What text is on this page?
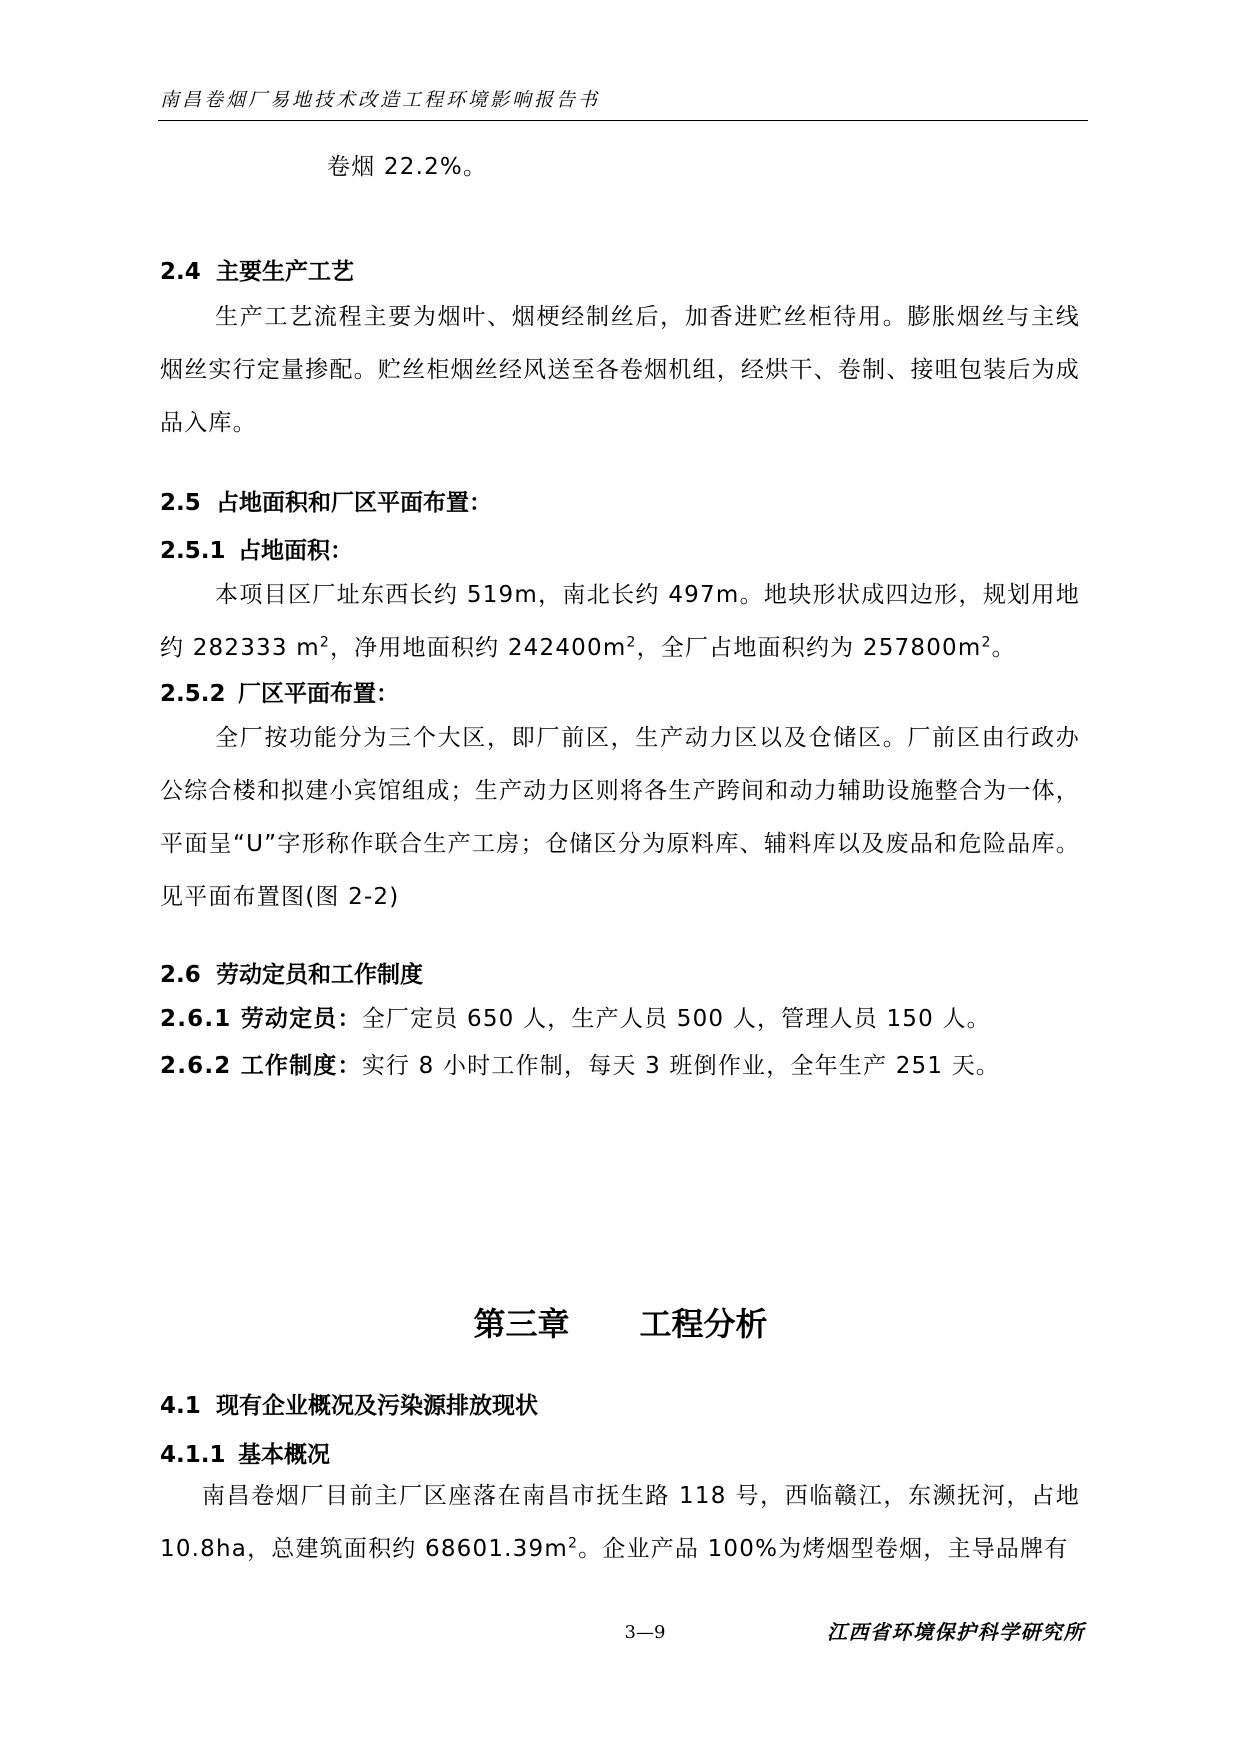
南昌卷烟厂易地技术改造工程环境影响报告书
卷烟 22.2%。
2.4 主要生产工艺
生产工艺流程主要为烟叶、烟梗经制丝后，加香进贮丝柜待用。膨胀烟丝与主线烟丝实行定量掺配。贮丝柜烟丝经风送至各卷烟机组，经烘干、卷制、接咀包装后为成品入库。
2.5 占地面积和厂区平面布置：
2.5.1 占地面积：
本项目区厂址东西长约 519m，南北长约 497m。地块形状成四边形，规划用地约 282333 $m^2$，净用地面积约 $242400m^2$，全厂占地面积约为 $257800m^2$。
2.5.2 厂区平面布置：
全厂按功能分为三个大区，即厂前区，生产动力区以及仓储区。厂前区由行政办公综合楼和拟建小宾馆组成；生产动力区则将各生产跨间和动力辅助设施整合为一体，平面呈“U”字形称作联合生产工房；仓储区分为原料库、辅料库以及废品和危险品库。见平面布置图(图 2-2)
2.6 劳动定员和工作制度
2.6.1 劳动定员：全厂定员 650 人，生产人员 500 人，管理人员 150 人。
2.6.2 工作制度：实行 8 小时工作制，每天 3 班倒作业，全年生产 251 天。
第三章 工程分析
4.1 现有企业概况及污染源排放现状
4.1.1 基本概况
南昌卷烟厂目前主厂区座落在南昌市抚生路 118 号，西临赣江，东濒抚河，占地 10.8ha，总建筑面积约 $68601.39m^2$。企业产品 100%为烤烟型卷烟，主导品牌有
3—9	江西省环境保护科学研究所
